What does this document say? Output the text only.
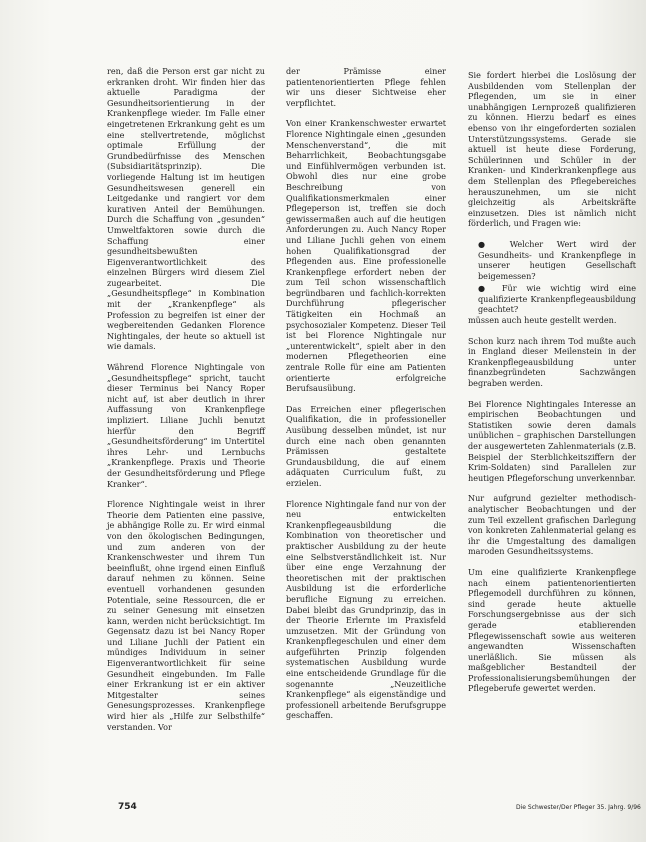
ren, daß die Person erst gar nicht zu erkranken droht. Wir finden hier das aktuelle Paradigma der Gesundheitsorientierung in der Krankenpflege wieder. Im Falle einer eingetretenen Erkrankung geht es um eine stellvertretende, möglichst optimale Erfüllung der Grundbedürfnisse des Menschen (Subsidiaritätsprinzip). Die vorliegende Haltung ist im heutigen Gesundheitswesen generell ein Leitgedanke und rangiert vor dem kurativen Anteil der Bemühungen. Durch die Schaffung von „gesunden“ Umweltfaktoren sowie durch die Schaffung einer gesundheitsbewußten Eigenverantwortlichkeit des einzelnen Bürgers wird diesem Ziel zugearbeitet. Die „Gesundheitspflege“ in Kombination mit der „Krankenpflege“ als Profession zu begreifen ist einer der wegbereitenden Gedanken Florence Nightingales, der heute so aktuell ist wie damals.

Während Florence Nightingale von „Gesundheitspflege“ spricht, taucht dieser Terminus bei Nancy Roper nicht auf, ist aber deutlich in ihrer Auffassung von Krankenpflege impliziert. Liliane Juchli benutzt hierfür den Begriff „Gesundheitsförderung“ im Untertitel ihres Lehr- und Lernbuchs „Krankenpflege. Praxis und Theorie der Gesundheitsförderung und Pflege Kranker“.

Florence Nightingale weist in ihrer Theorie dem Patienten eine passive, je abhängige Rolle zu. Er wird einmal von den ökologischen Bedingungen, und zum anderen von der Krankenschwester und ihrem Tun beeinflußt, ohne irgend einen Einfluß darauf nehmen zu können. Seine eventuell vorhandenen gesunden Potentiale, seine Ressourcen, die er zu seiner Genesung mit einsetzen kann, werden nicht berücksichtigt. Im Gegensatz dazu ist bei Nancy Roper und Liliane Juchli der Patient ein mündiges Individuum in seiner Eigenverantwortlichkeit für seine Gesundheit eingebunden. Im Falle einer Erkrankung ist er ein aktiver Mitgestalter seines Genesungsprozesses. Krankenpflege wird hier als „Hilfe zur Selbsthilfe“ verstanden. Vor

der Prämisse einer patientenorientierten Pflege fehlen wir uns dieser Sichtweise eher verpflichtet.

Von einer Krankenschwester erwartet Florence Nightingale einen „gesunden Menschenverstand“, die mit Beharrlichkeit, Beobachtungsgabe und Einfühlvermögen verbunden ist. Obwohl dies nur eine grobe Beschreibung von Qualifikationsmerkmalen einer Pflegeperson ist, treffen sie doch gewissermaßen auch auf die heutigen Anforderungen zu. Auch Nancy Roper und Liliane Juchli gehen von einem hohen Qualifikationsgrad der Pflegenden aus. Eine professionelle Krankenpflege erfordert neben der zum Teil schon wissenschaftlich begründbaren und fachlich-korrekten Durchführung pflegerischer Tätigkeiten ein Hochmaß an psychosozialer Kompetenz. Dieser Teil ist bei Florence Nightingale nur „unterentwickelt“, spielt aber in den modernen Pflegetheorien eine zentrale Rolle für eine am Patienten orientierte erfolgreiche Berufsausübung.

Das Erreichen einer pflegerischen Qualifikation, die in professioneller Ausübung desselben mündet, ist nur durch eine nach oben genannten Prämissen gestaltete Grundausbildung, die auf einem adäquaten Curriculum fußt, zu erzielen.

Florence Nightingale fand nur von der neu entwickelten Krankenpflegeausbildung die Kombination von theoretischer und praktischer Ausbildung zu der heute eine Selbstverständlichkeit ist. Nur über eine enge Verzahnung der theoretischen mit der praktischen Ausbildung ist die erforderliche berufliche Eignung zu erreichen. Dabei bleibt das Grundprinzip, das in der Theorie Erlernte im Praxisfeld umzusetzen. Mit der Gründung von Krankenpflegeschulen und einer dem aufgeführten Prinzip folgenden systematischen Ausbildung wurde eine entscheidende Grundlage für die sogenannte „Neuzeitliche Krankenpflege“ als eigenständige und professionell arbeitende Berufsgruppe geschaffen.

Sie fordert hierbei die Loslösung der Ausbildenden vom Stellenplan der Pflegenden, um sie in einer unabhängigen Lernprozeß qualifizieren zu können. Hierzu bedarf es eines ebenso von ihr eingeforderten sozialen Unterstützungssystems. Gerade sie aktuell ist heute diese Forderung, Schülerinnen und Schüler in der Kranken- und Kinderkrankenpflege aus dem Stellenplan des Pflegebereiches herauszunehmen, um sie nicht gleichzeitig als Arbeitskräfte einzusetzen. Dies ist nämlich nicht förderlich, und Fragen wie:

● Welcher Wert wird der Gesundheits- und Krankenpflege in unserer heutigen Gesellschaft beigemessen?

● Für wie wichtig wird eine qualifizierte Krankenpflegeausbildung geachtet?

müssen auch heute gestellt werden.

Schon kurz nach ihrem Tod mußte auch in England dieser Meilenstein in der Krankenpflegeausbildung unter finanzbegründeten Sachzwängen begraben werden.

Bei Florence Nightingales Interesse an empirischen Beobachtungen und Statistiken sowie deren damals unüblichen – graphischen Darstellungen der ausgewerteten Zahlenmaterials (z.B. Beispiel der Sterblichkeitsziffern der Krim-Soldaten) sind Parallelen zur heutigen Pflegeforschung unverkennbar.

Nur aufgrund gezielter methodisch-analytischer Beobachtungen und der zum Teil exzellent grafischen Darlegung von konkreten Zahlenmaterial gelang es ihr die Umgestaltung des damaligen maroden Gesundheitssystems.

Um eine qualifizierte Krankenpflege nach einem patientenorientierten Pflegemodell durchführen zu können, sind gerade heute aktuelle Forschungsergebnisse aus der sich gerade etablierenden Pflegewissenschaft sowie aus weiteren angewandten Wissenschaften unerläßlich. Sie müssen als maßgeblicher Bestandteil der Professionalisierungsbemühungen der Pflegeberufe gewertet werden.

754	Die Schwester/Der Pfleger 35. Jahrg. 9/96
